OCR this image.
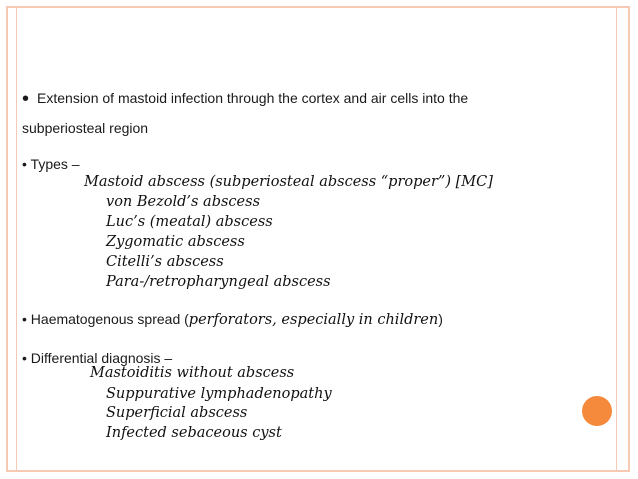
• Extension of mastoid infection through the cortex and air cells into the
subperiosteal region
• Types –
Mastoid abscess (subperiosteal abscess “proper”) [MC]
von Bezold’s abscess
Luc’s (meatal) abscess
Zygomatic abscess
Citelli’s abscess
Para-/retropharyngeal abscess
• Haematogenous spread (perforators, especially in children)
• Differential diagnosis –
Mastoiditis without abscess
Suppurative lymphadenopathy
Superficial abscess
Infected sebaceous cyst
